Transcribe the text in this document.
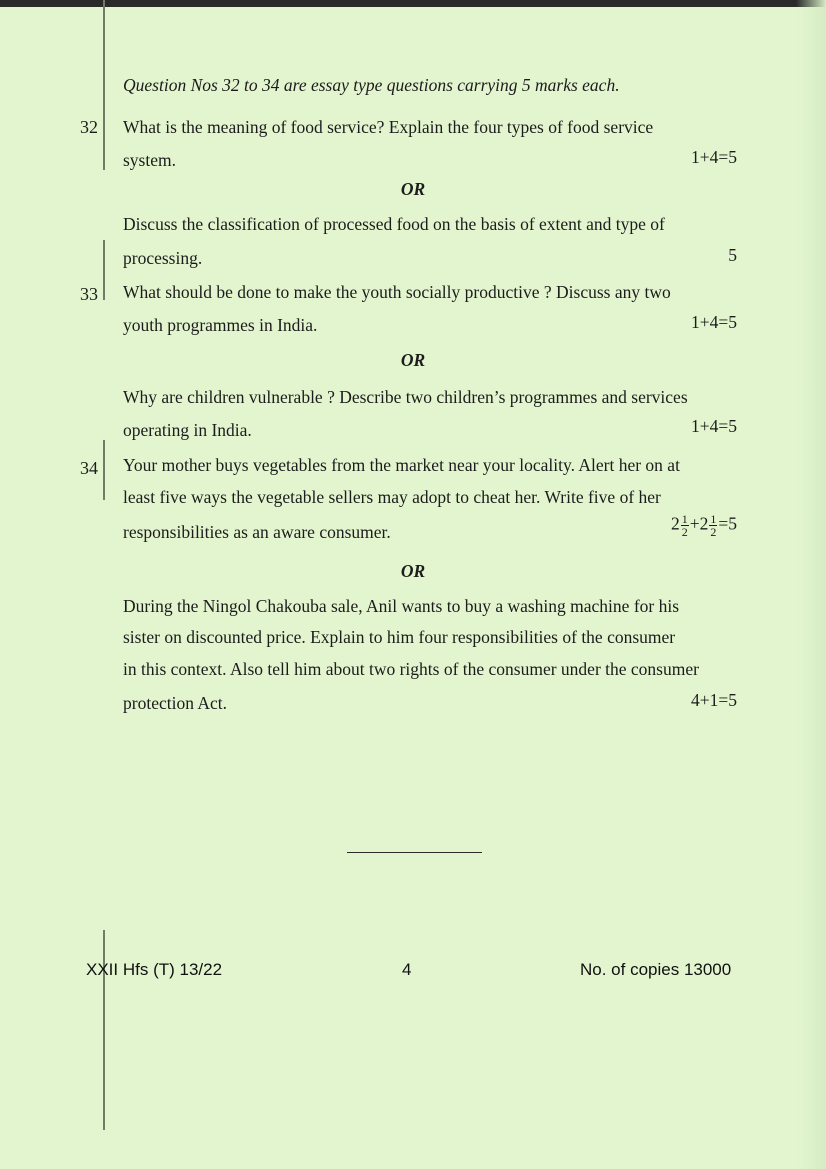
Question Nos 32 to 34 are essay type questions carrying 5 marks each.
32 What is the meaning of food service? Explain the four types of food service
system.	1+4=5
OR
Discuss the classification of processed food on the basis of extent and type of
processing.	5
33 What should be done to make the youth socially productive ? Discuss any two
youth programmes in India.	1+4=5
OR
Why are children vulnerable ? Describe two children’s programmes and services
operating in India.	1+4=5
34 Your mother buys vegetables from the market near your locality. Alert her on at
least five ways the vegetable sellers may adopt to cheat her. Write five of her
responsibilities as an aware consumer.	$2 \frac{1}{2} +2 \frac{1}{2} =5$
OR
During the Ningol Chakouba sale, Anil wants to buy a washing machine for his
sister on discounted price. Explain to him four responsibilities of the consumer
in this context. Also tell him about two rights of the consumer under the consumer
protection Act.	4+1=5
XXII Hfs (T) 13/22	4	No. of copies 13000
